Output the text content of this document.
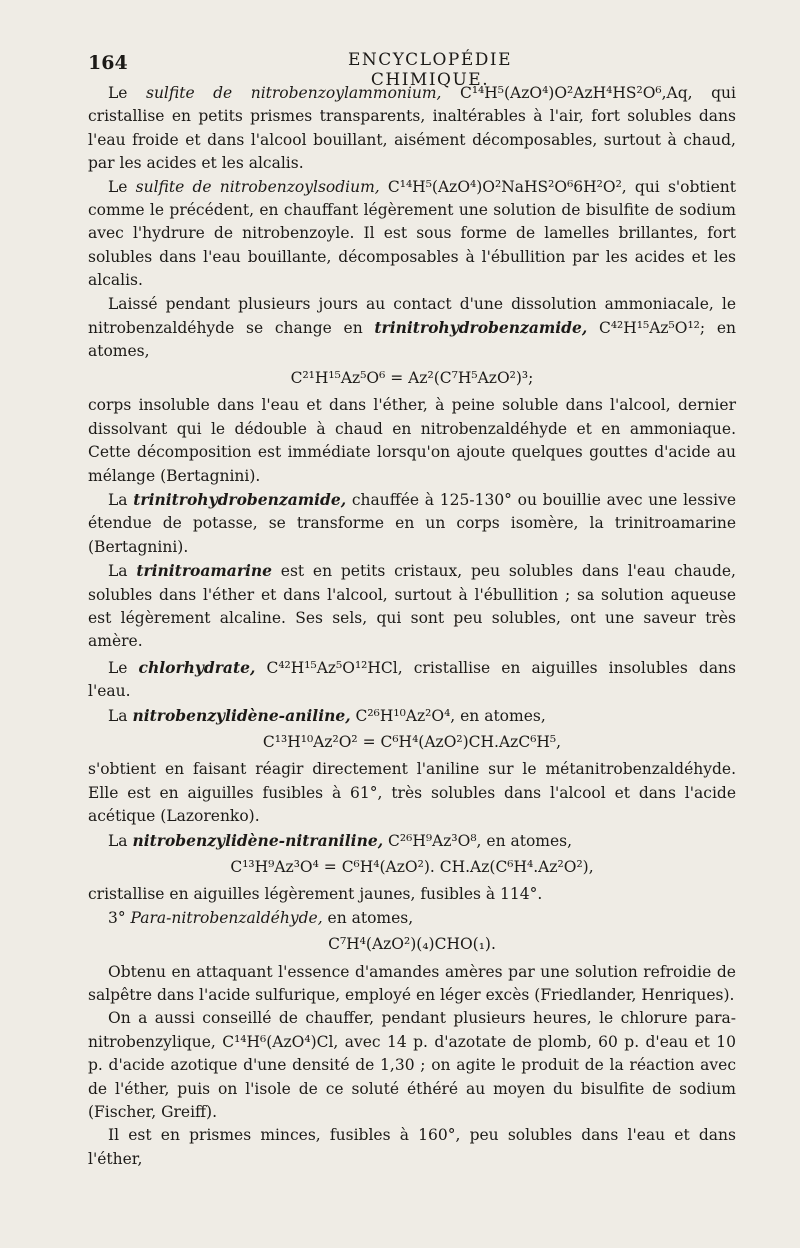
164	ENCYCLOPÉDIE CHIMIQUE.

Le sulfite de nitrobenzoylammonium, C¹⁴H⁵(AzO⁴)O²AzH⁴HS²O⁶,Aq, qui cristallise en petits prismes transparents, inaltérables à l'air, fort solubles dans l'eau froide et dans l'alcool bouillant, aisément décomposables, surtout à chaud, par les acides et les alcalis.

Le sulfite de nitrobenzoylsodium, C¹⁴H⁵(AzO⁴)O²NaHS²O⁶6H²O², qui s'obtient comme le précédent, en chauffant légèrement une solution de bisulfite de sodium avec l'hydrure de nitrobenzoyle. Il est sous forme de lamelles brillantes, fort solubles dans l'eau bouillante, décomposables à l'ébullition par les acides et les alcalis.

Laissé pendant plusieurs jours au contact d'une dissolution ammoniacale, le nitrobenzaldéhyde se change en trinitrohydrobenzamide, C⁴²H¹⁵Az⁵O¹²; en atomes,

C²¹H¹⁵Az⁵O⁶ = Az²(C⁷H⁵AzO²)³;

corps insoluble dans l'eau et dans l'éther, à peine soluble dans l'alcool, dernier dissolvant qui le dédouble à chaud en nitrobenzaldéhyde et en ammoniaque. Cette décomposition est immédiate lorsqu'on ajoute quelques gouttes d'acide au mélange (Bertagnini).

La trinitrohydrobenzamide, chauffée à 125-130° ou bouillie avec une lessive étendue de potasse, se transforme en un corps isomère, la trinitroamarine (Bertagnini).

La trinitroamarine est en petits cristaux, peu solubles dans l'eau chaude, solubles dans l'éther et dans l'alcool, surtout à l'ébullition ; sa solution aqueuse est légèrement alcaline. Ses sels, qui sont peu solubles, ont une saveur très amère.

Le chlorhydrate, C⁴²H¹⁵Az⁵O¹²HCl, cristallise en aiguilles insolubles dans l'eau.

La nitrobenzylidène-aniline, C²⁶H¹⁰Az²O⁴, en atomes,

C¹³H¹⁰Az²O² = C⁶H⁴(AzO²)CH.AzC⁶H⁵,

s'obtient en faisant réagir directement l'aniline sur le métanitrobenzaldéhyde. Elle est en aiguilles fusibles à 61°, très solubles dans l'alcool et dans l'acide acétique (Lazorenko).

La nitrobenzylidène-nitraniline, C²⁶H⁹Az³O⁸, en atomes,

C¹³H⁹Az³O⁴ = C⁶H⁴(AzO²). CH.Az(C⁶H⁴.Az²O²),

cristallise en aiguilles légèrement jaunes, fusibles à 114°.

3° Para-nitrobenzaldéhyde, en atomes,

C⁷H⁴(AzO²)(₄)CHO(₁).

Obtenu en attaquant l'essence d'amandes amères par une solution refroidie de salpêtre dans l'acide sulfurique, employé en léger excès (Friedlander, Henriques).

On a aussi conseillé de chauffer, pendant plusieurs heures, le chlorure para-nitrobenzylique, C¹⁴H⁶(AzO⁴)Cl, avec 14 p. d'azotate de plomb, 60 p. d'eau et 10 p. d'acide azotique d'une densité de 1,30 ; on agite le produit de la réaction avec de l'éther, puis on l'isole de ce soluté éthéré au moyen du bisulfite de sodium (Fischer, Greiff).

Il est en prismes minces, fusibles à 160°, peu solubles dans l'eau et dans l'éther,
